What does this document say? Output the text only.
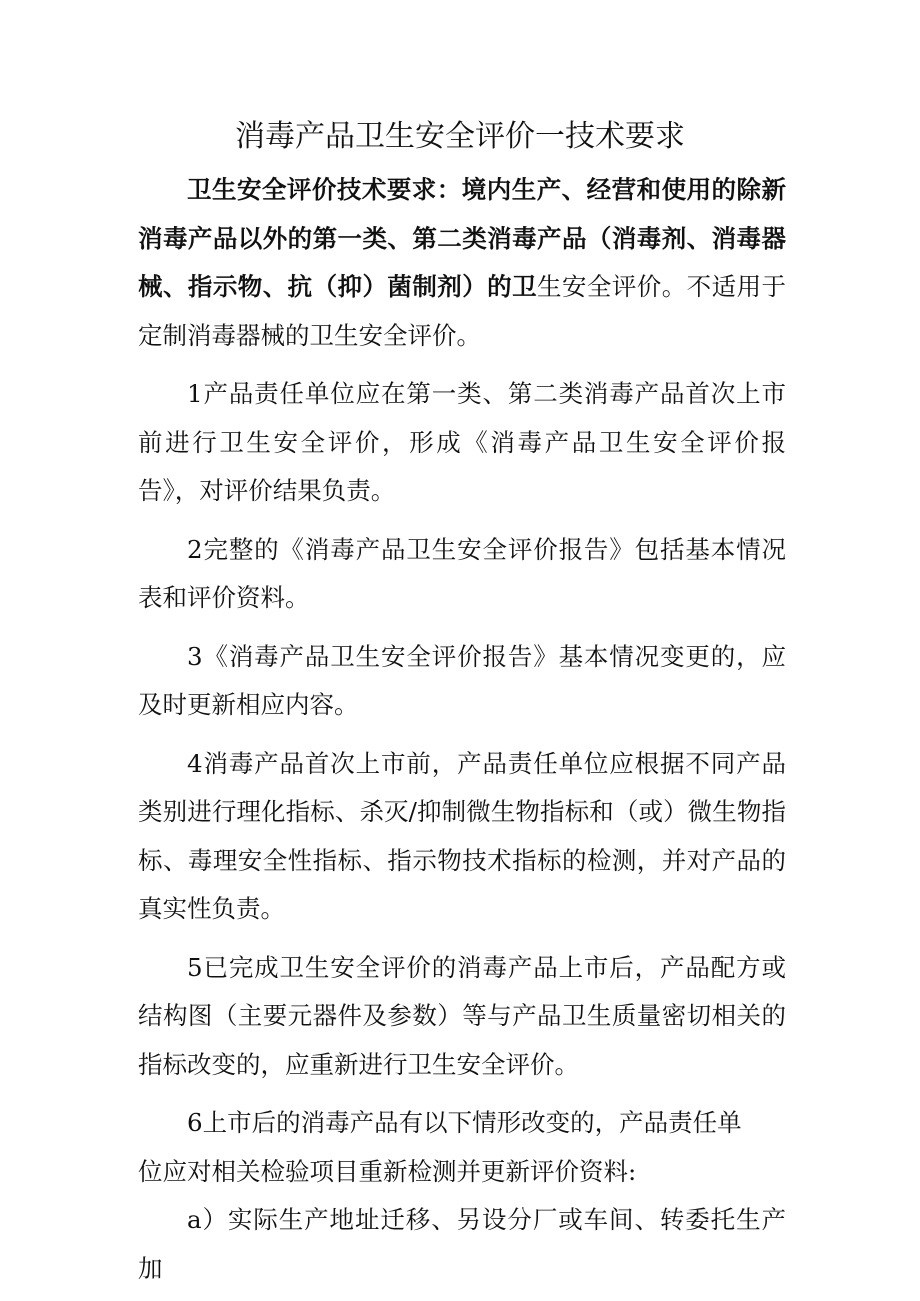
消毒产品卫生安全评价一技术要求

卫生安全评价技术要求：境内生产、经营和使用的除新消毒产品以外的第一类、第二类消毒产品（消毒剂、消毒器械、指示物、抗（抑）菌制剂）的卫生安全评价。不适用于定制消毒器械的卫生安全评价。

1产品责任单位应在第一类、第二类消毒产品首次上市前进行卫生安全评价，形成《消毒产品卫生安全评价报告》，对评价结果负责。

2完整的《消毒产品卫生安全评价报告》包括基本情况表和评价资料。

3《消毒产品卫生安全评价报告》基本情况变更的，应及时更新相应内容。

4消毒产品首次上市前，产品责任单位应根据不同产品类别进行理化指标、杀灭/抑制微生物指标和（或）微生物指标、毒理安全性指标、指示物技术指标的检测，并对产品的真实性负责。

5已完成卫生安全评价的消毒产品上市后，产品配方或结构图（主要元器件及参数）等与产品卫生质量密切相关的指标改变的，应重新进行卫生安全评价。

6上市后的消毒产品有以下情形改变的，产品责任单

位应对相关检验项目重新检测并更新评价资料:

a）实际生产地址迁移、另设分厂或车间、转委托生产加
